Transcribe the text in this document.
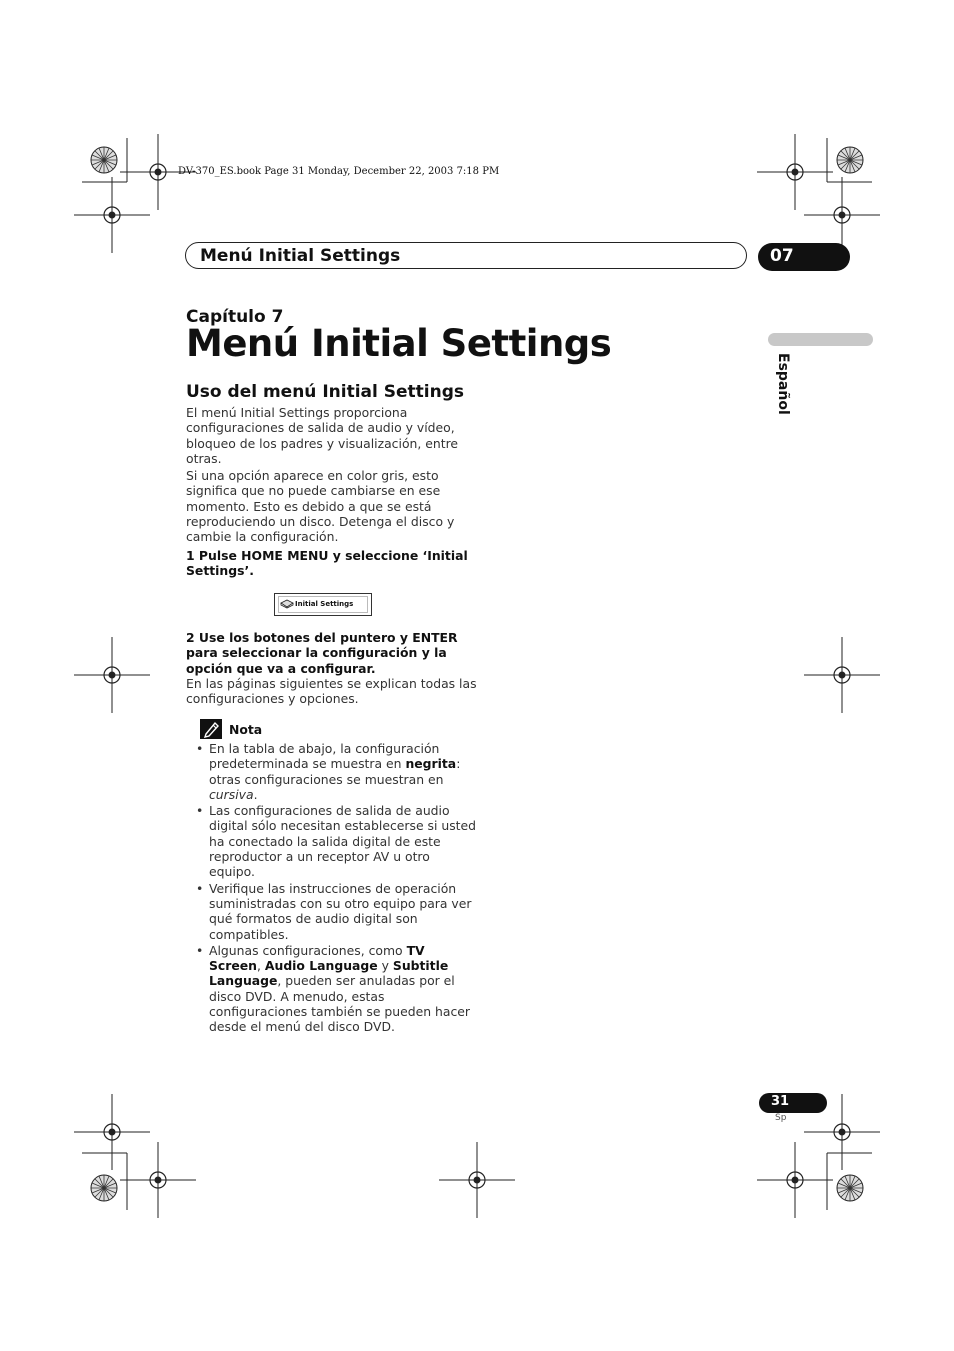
DV-370_ES.book Page 31 Monday, December 22, 2003 7:18 PM
Menú Initial Settings	07
Capítulo 7
Menú Initial Settings
Español
Uso del menú Initial Settings

El menú Initial Settings proporciona

configuraciones de salida de audio y vídeo,

bloqueo de los padres y visualización, entre

otras.

Si una opción aparece en color gris, esto

significa que no puede cambiarse en ese

momento. Esto es debido a que se está

reproduciendo un disco. Detenga el disco y

cambie la configuración.

1 Pulse HOME MENU y seleccione ‘Initial
Settings’.
Initial Settings
2 Use los botones del puntero y ENTER
para seleccionar la configuración y la
opción que va a configurar.

En las páginas siguientes se explican todas las

configuraciones y opciones.

Nota
• En la tabla de abajo, la configuración

predeterminada se muestra en negrita:

otras configuraciones se muestran en

cursiva.

• Las configuraciones de salida de audio

digital sólo necesitan establecerse si usted

ha conectado la salida digital de este

reproductor a un receptor AV u otro

equipo.

• Verifique las instrucciones de operación

suministradas con su otro equipo para ver

qué formatos de audio digital son

compatibles.

• Algunas configuraciones, como TV

Screen, Audio Language y Subtitle

Language, pueden ser anuladas por el

disco DVD. A menudo, estas

configuraciones también se pueden hacer

desde el menú del disco DVD.

31
Sp
